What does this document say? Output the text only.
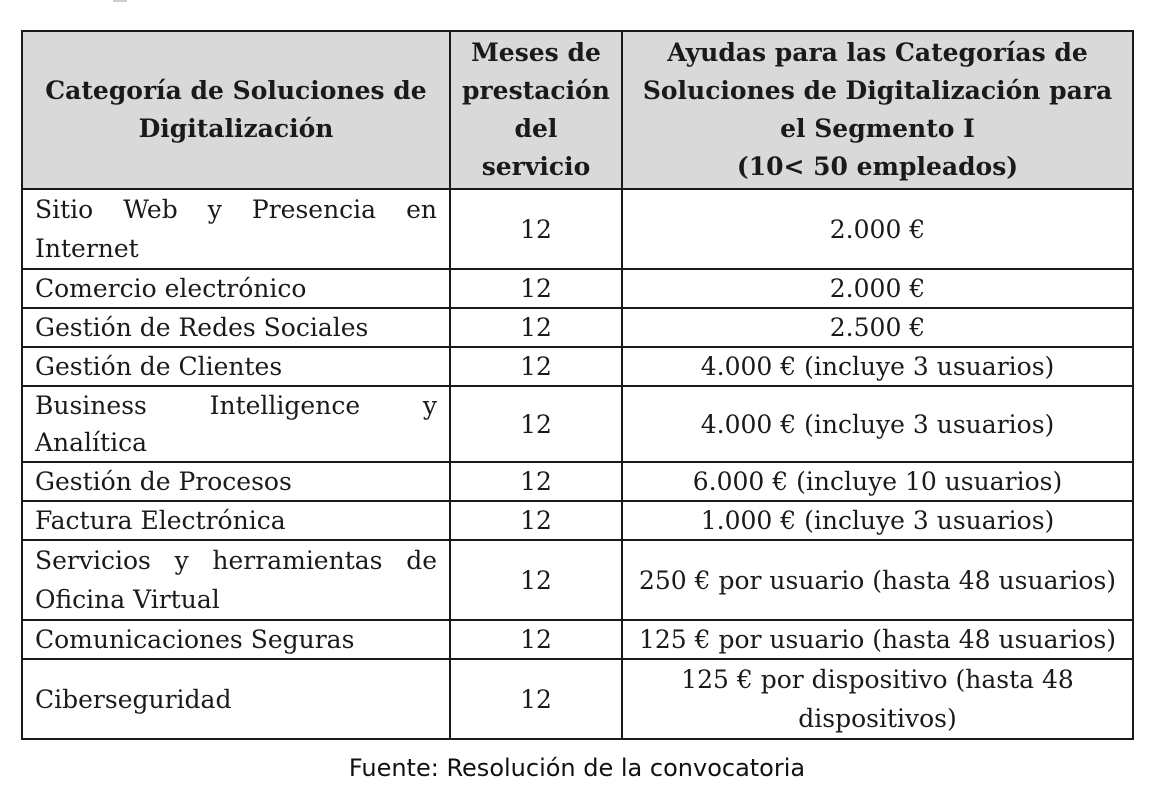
Categoría de Soluciones de Digitalización	Meses de prestación del servicio	Ayudas para las Categorías de Soluciones de Digitalización para el Segmento I
(10< 50 empleados)
Sitio Web y Presencia en Internet	12	2.000 €
Comercio electrónico	12	2.000 €
Gestión de Redes Sociales	12	2.500 €
Gestión de Clientes	12	4.000 € (incluye 3 usuarios)
Business Intelligence y Analítica	12	4.000 € (incluye 3 usuarios)
Gestión de Procesos	12	6.000 € (incluye 10 usuarios)
Factura Electrónica	12	1.000 € (incluye 3 usuarios)
Servicios y herramientas de Oficina Virtual	12	250 € por usuario (hasta 48 usuarios)
Comunicaciones Seguras	12	125 € por usuario (hasta 48 usuarios)
Ciberseguridad	12	125 € por dispositivo (hasta 48 dispositivos)
Fuente: Resolución de la convocatoria
